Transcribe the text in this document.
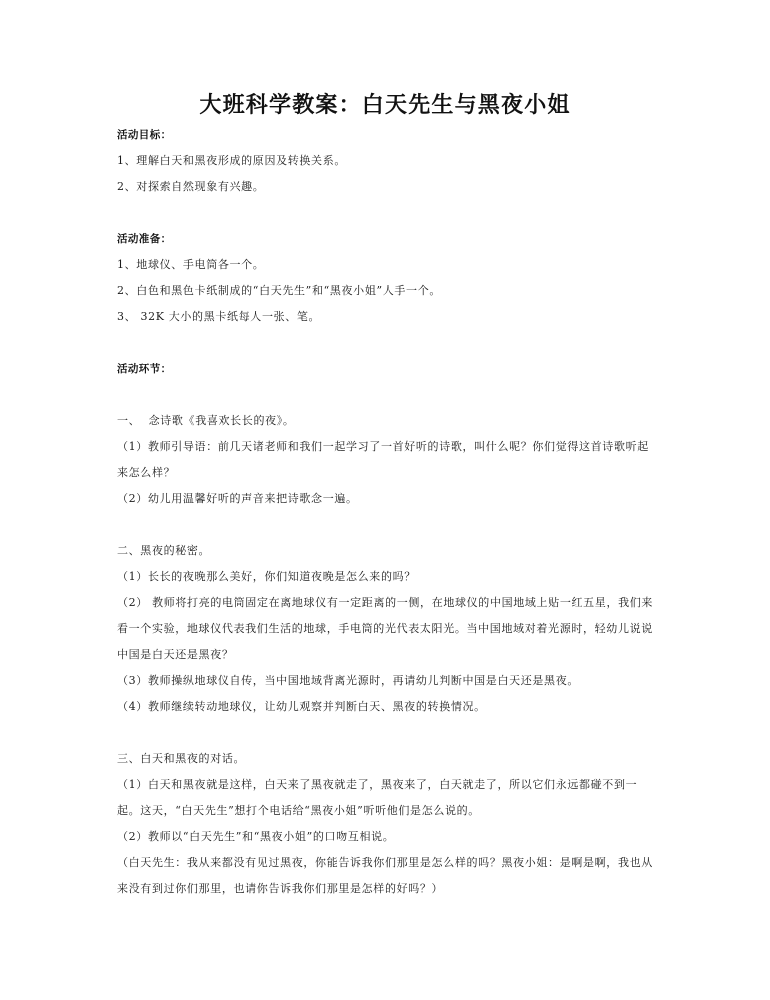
大班科学教案：白天先生与黑夜小姐
活动目标：
1、理解白天和黑夜形成的原因及转换关系。
2、对探索自然现象有兴趣。
活动准备：
1、地球仪、手电筒各一个。
2、白色和黑色卡纸制成的“白天先生”和“黑夜小姐”人手一个。
3、 32K 大小的黑卡纸每人一张、笔。
活动环节：
一、  念诗歌《我喜欢长长的夜》。
（1）教师引导语：前几天诸老师和我们一起学习了一首好听的诗歌，叫什么呢？你们觉得这首诗歌听起
来怎么样？
（2）幼儿用温馨好听的声音来把诗歌念一遍。
二、黑夜的秘密。
（1）长长的夜晚那么美好，你们知道夜晚是怎么来的吗？
（2） 教师将打亮的电筒固定在离地球仪有一定距离的一侧，在地球仪的中国地域上贴一红五星，我们来
看一个实验，地球仪代表我们生活的地球，手电筒的光代表太阳光。当中国地域对着光源时，轻幼儿说说
中国是白天还是黑夜？
（3）教师操纵地球仪自传，当中国地域背离光源时，再请幼儿判断中国是白天还是黑夜。
（4）教师继续转动地球仪，让幼儿观察并判断白天、黑夜的转换情况。
三、白天和黑夜的对话。
（1）白天和黑夜就是这样，白天来了黑夜就走了，黑夜来了，白天就走了，所以它们永远都碰不到一
起。这天，“白天先生”想打个电话给“黑夜小姐”听听他们是怎么说的。
（2）教师以“白天先生”和“黑夜小姐”的口吻互相说。
（白天先生：我从来都没有见过黑夜，你能告诉我你们那里是怎么样的吗？黑夜小姐：是啊是啊，我也从
来没有到过你们那里，也请你告诉我你们那里是怎样的好吗？）
